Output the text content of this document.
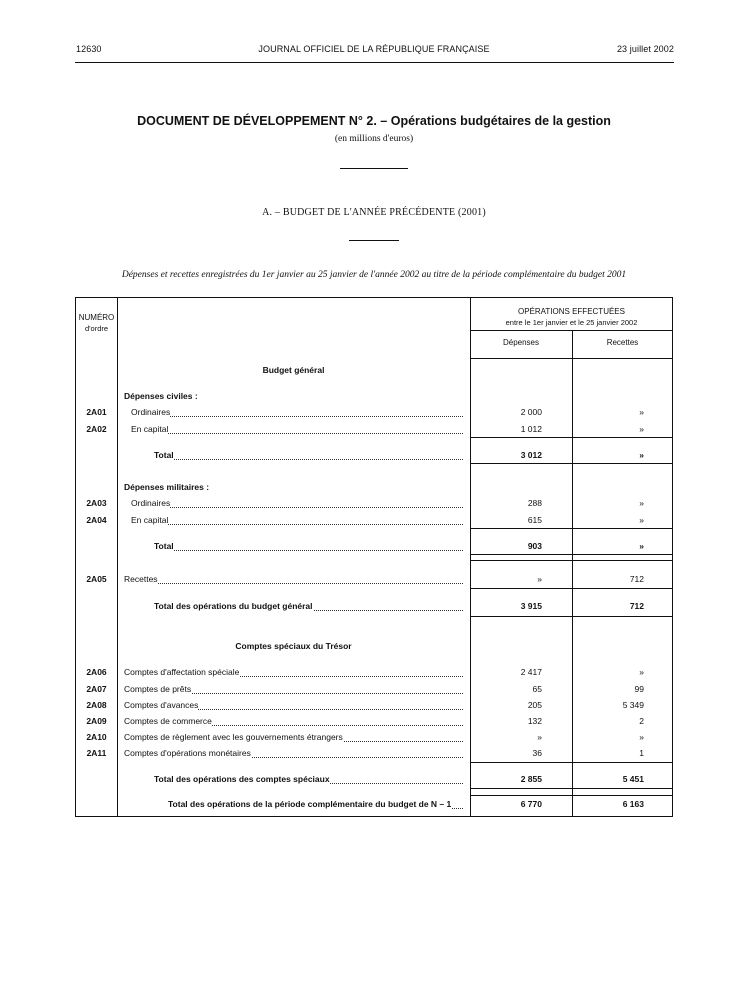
12630	JOURNAL OFFICIEL DE LA RÉPUBLIQUE FRANÇAISE	23 juillet 2002
DOCUMENT DE DÉVELOPPEMENT N° 2. – Opérations budgétaires de la gestion
(en millions d'euros)
A. – BUDGET DE L'ANNÉE PRÉCÉDENTE (2001)
Dépenses et recettes enregistrées du 1er janvier au 25 janvier de l'année 2002 au titre de la période complémentaire du budget 2001
NUMÉRO
d'ordre
OPÉRATIONS EFFECTUÉES
entre le 1er janvier et le 25 janvier 2002
Dépenses	Recettes
Budget général
Dépenses civiles :
Dépenses militaires :
Comptes spéciaux du Trésor
2A01	Ordinaires	2 000	»
2A02	En capital	1 012	»
Total	3 012	»
2A03	Ordinaires	288	»
2A04	En capital	615	»
Total	903	»
2A05	Recettes	»	712
Total des opérations du budget général	3 915	712
2A06	Comptes d'affectation spéciale	2 417	»
2A07	Comptes de prêts	65	99
2A08	Comptes d'avances	205	5 349
2A09	Comptes de commerce	132	2
2A10	Comptes de règlement avec les gouvernements étrangers	»	»
2A11	Comptes d'opérations monétaires	36	1
Total des opérations des comptes spéciaux	2 855	5 451
Total des opérations de la période complémentaire du budget de N – 1	6 770	6 163
